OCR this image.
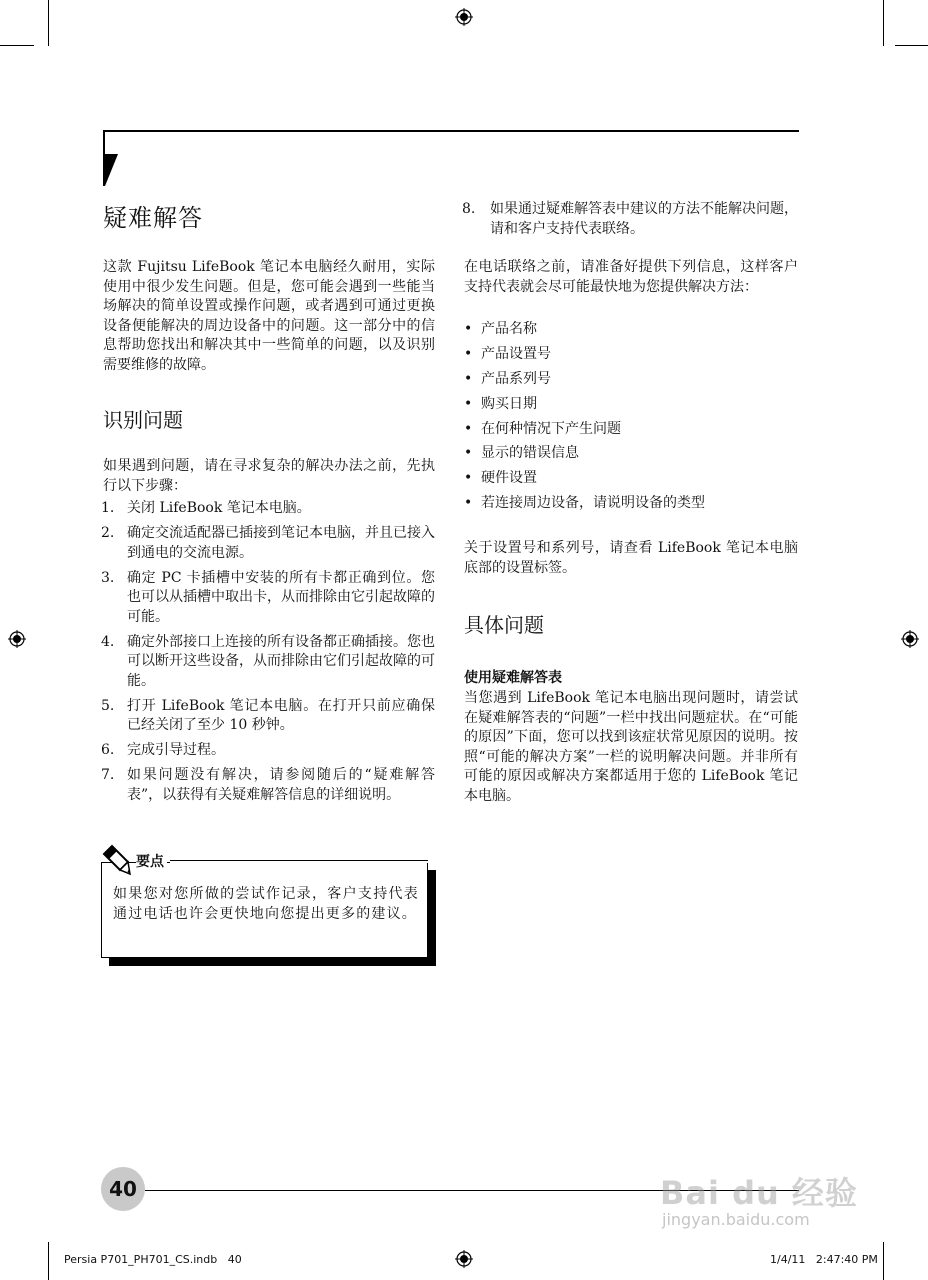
疑难解答
这款 Fujitsu LifeBook 笔记本电脑经久耐用，实际使用中很少发生问题。但是，您可能会遇到一些能当场解决的简单设置或操作问题，或者遇到可通过更换设备便能解决的周边设备中的问题。这一部分中的信息帮助您找出和解决其中一些简单的问题，以及识别需要维修的故障。
识别问题
如果遇到问题，请在寻求复杂的解决办法之前，先执行以下步骤：
1. 关闭 LifeBook 笔记本电脑。
2. 确定交流适配器已插接到笔记本电脑，并且已接入到通电的交流电源。
3. 确定 PC 卡插槽中安装的所有卡都正确到位。您也可以从插槽中取出卡，从而排除由它引起故障的可能。
4. 确定外部接口上连接的所有设备都正确插接。您也可以断开这些设备，从而排除由它们引起故障的可能。
5. 打开 LifeBook 笔记本电脑。在打开只前应确保已经关闭了至少 10 秒钟。
6. 完成引导过程。
7. 如果问题没有解决，请参阅随后的“疑难解答表”，以获得有关疑难解答信息的详细说明。
要点
如果您对您所做的尝试作记录，客户支持代表通过电话也许会更快地向您提出更多的建议。
8. 如果通过疑难解答表中建议的方法不能解决问题，请和客户支持代表联络。
在电话联络之前，请准备好提供下列信息，这样客户支持代表就会尽可能最快地为您提供解决方法：
• 产品名称
• 产品设置号
• 产品系列号
• 购买日期
• 在何种情况下产生问题
• 显示的错误信息
• 硬件设置
• 若连接周边设备，请说明设备的类型
关于设置号和系列号，请查看 LifeBook 笔记本电脑底部的设置标签。
具体问题
使用疑难解答表
当您遇到 LifeBook 笔记本电脑出现问题时，请尝试在疑难解答表的“问题”一栏中找出问题症状。在“可能的原因”下面，您可以找到该症状常见原因的说明。按照“可能的解决方案”一栏的说明解决问题。并非所有可能的原因或解决方案都适用于您的 LifeBook 笔记本电脑。
40	Bai du 经验
jingyan.baidu.com
Persia P701_PH701_CS.indb   40	1/4/11   2:47:40 PM
